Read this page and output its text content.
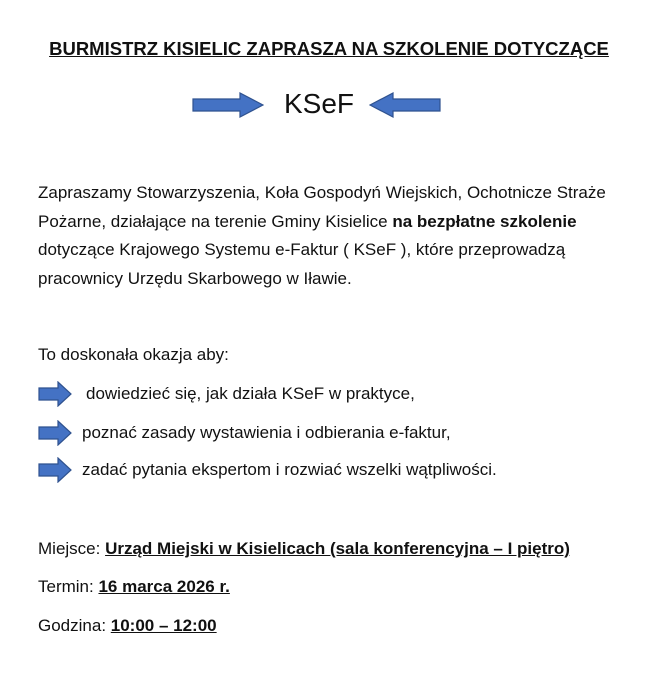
BURMISTRZ KISIELIC ZAPRASZA NA SZKOLENIE DOTYCZĄCE
KSeF
Zapraszamy Stowarzyszenia, Koła Gospodyń Wiejskich, Ochotnicze Straże Pożarne, działające na terenie Gminy Kisielice na bezpłatne szkolenie dotyczące Krajowego Systemu e-Faktur ( KSeF ), które przeprowadzą pracownicy Urzędu Skarbowego w Iławie.
To doskonała okazja aby:
dowiedzieć się, jak działa KSeF w praktyce,
poznać zasady wystawienia i odbierania e-faktur,
zadać pytania ekspertom i rozwiać wszelki wątpliwości.
Miejsce: Urząd Miejski w Kisielicach (sala konferencyjna – I piętro)
Termin: 16 marca 2026 r.
Godzina: 10:00 – 12:00
